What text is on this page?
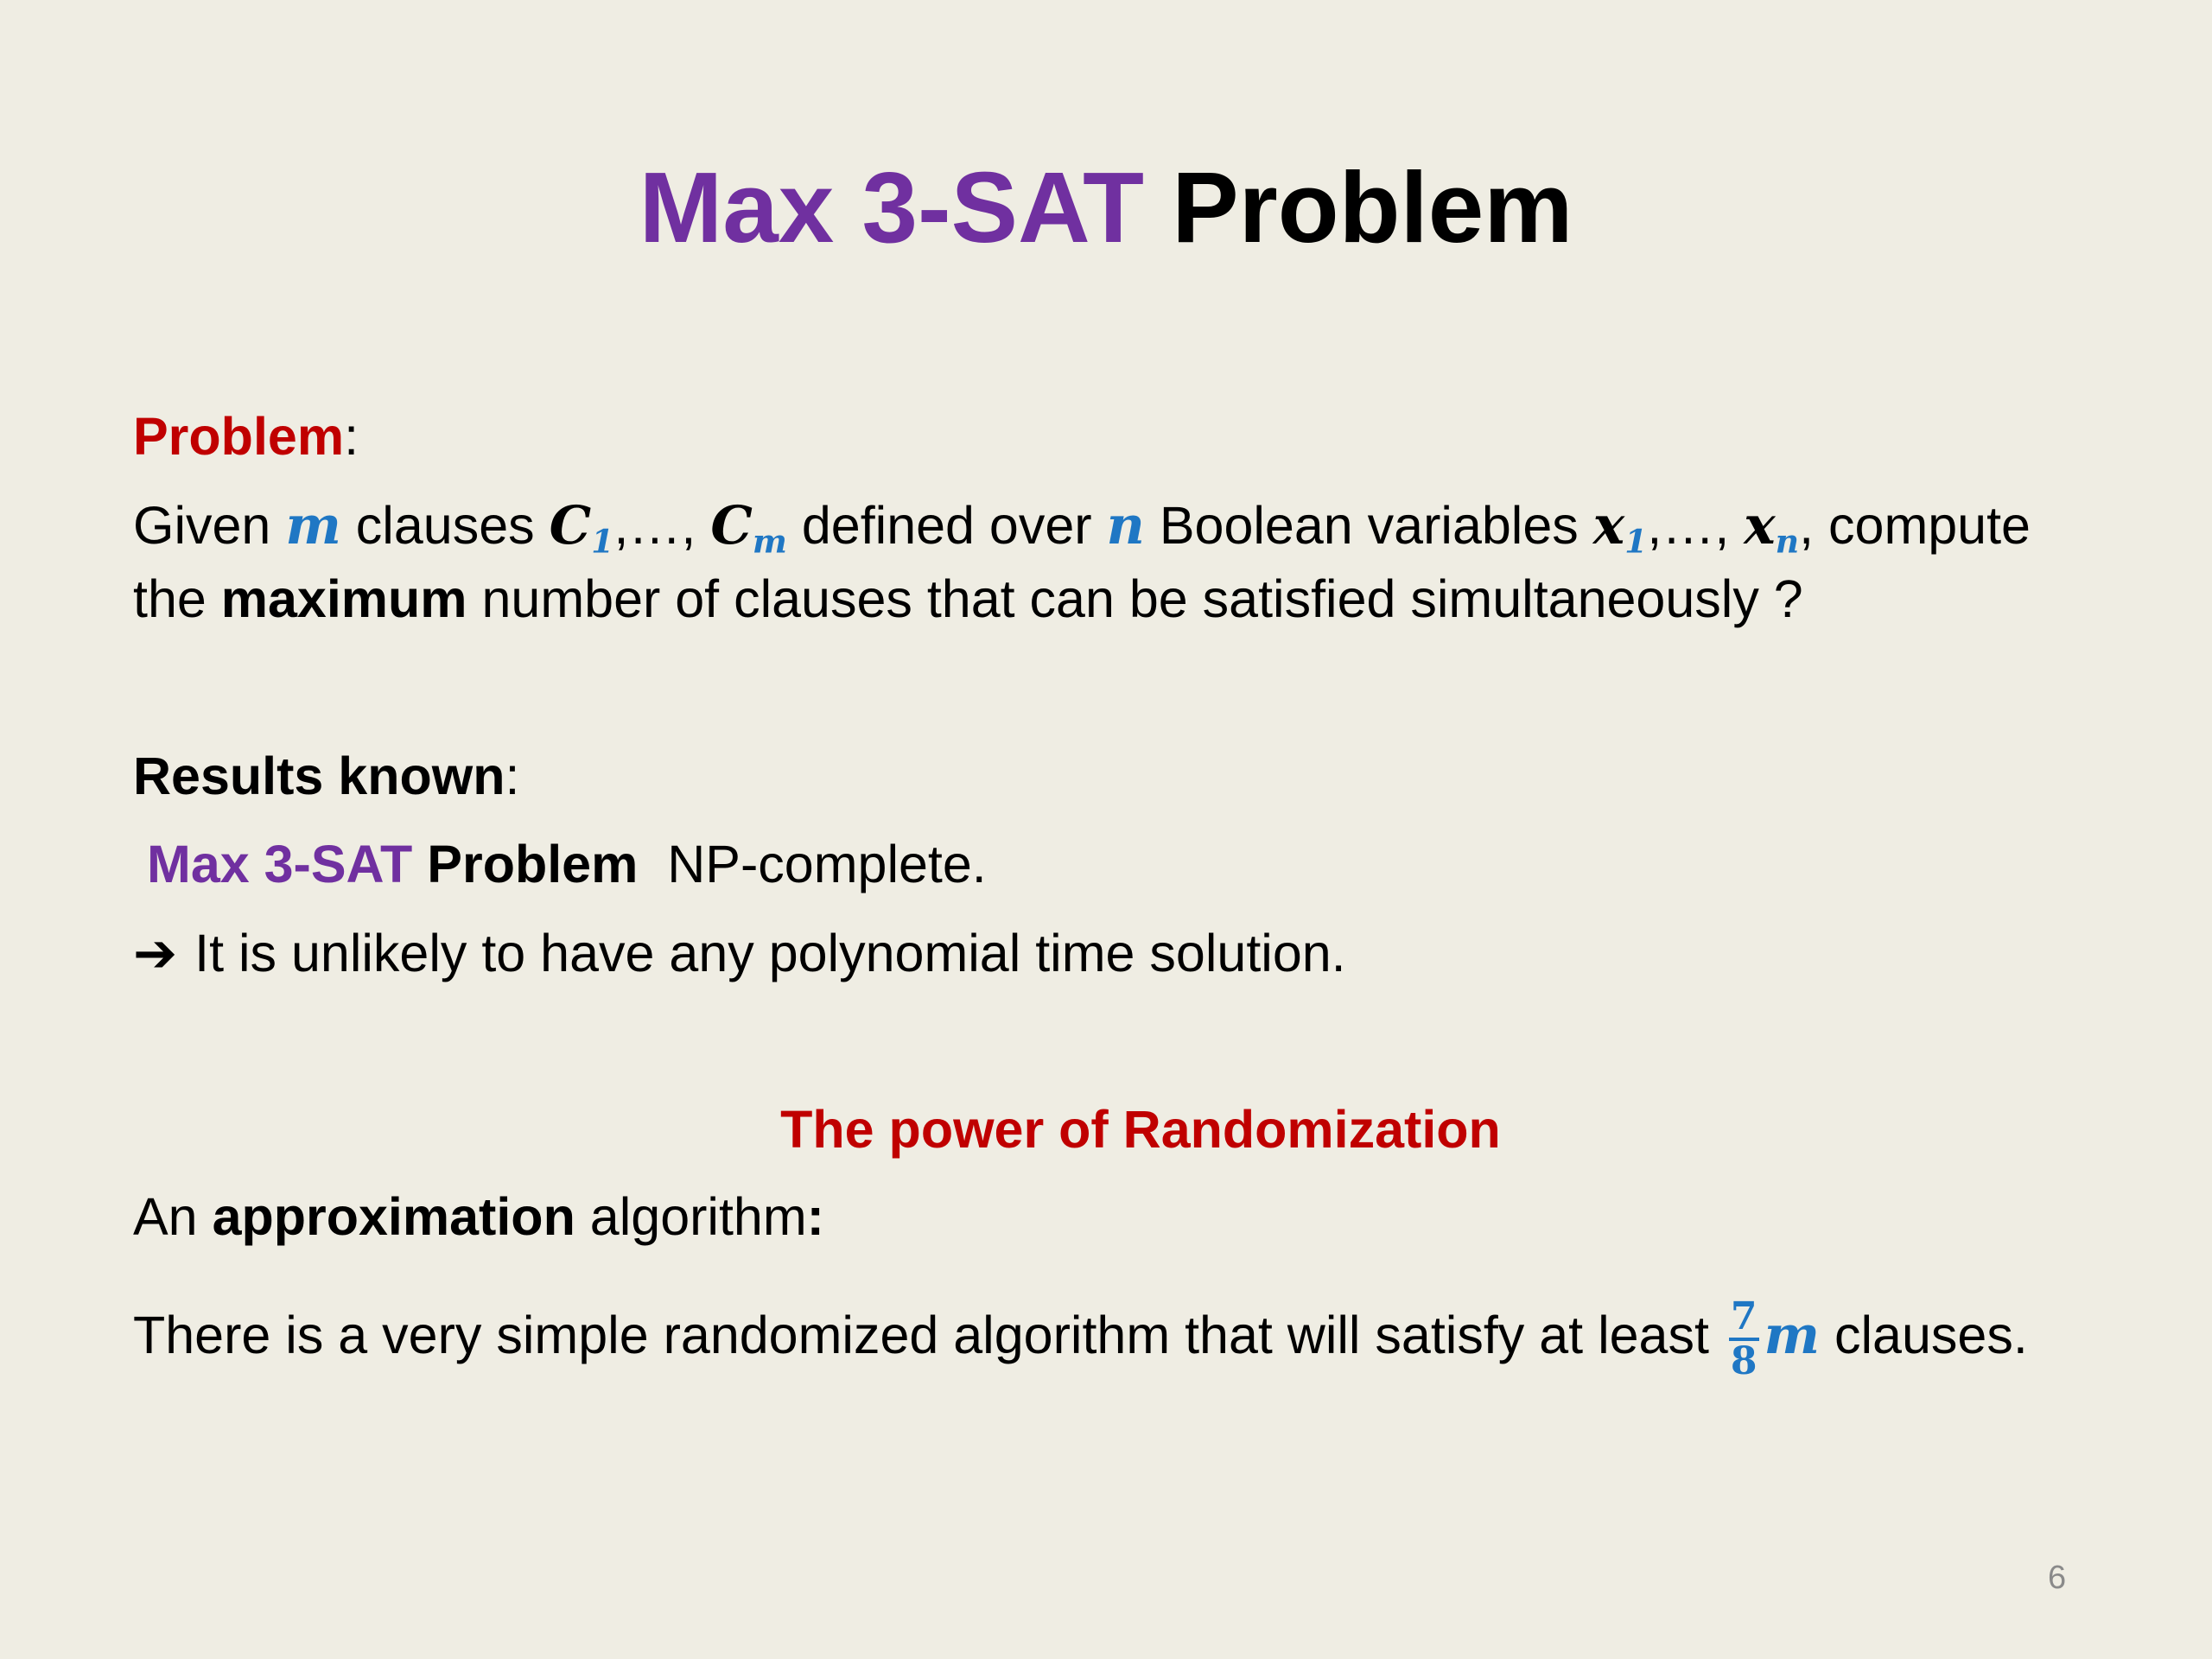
Max 3-SAT Problem
Problem:
Given m clauses $C_1,\dots$, $C_m$ defined over n Boolean variables $x_1,\dots$, $x_n$, compute
the maximum number of clauses that can be satisfied simultaneously ?
Results known:
Max 3-SAT Problem  NP-complete.
➔ It is unlikely to have any polynomial time solution.
The power of Randomization
An approximation algorithm:
There is a very simple randomized algorithm that will satisfy at least $\frac{7}{8}$ m clauses.
6
